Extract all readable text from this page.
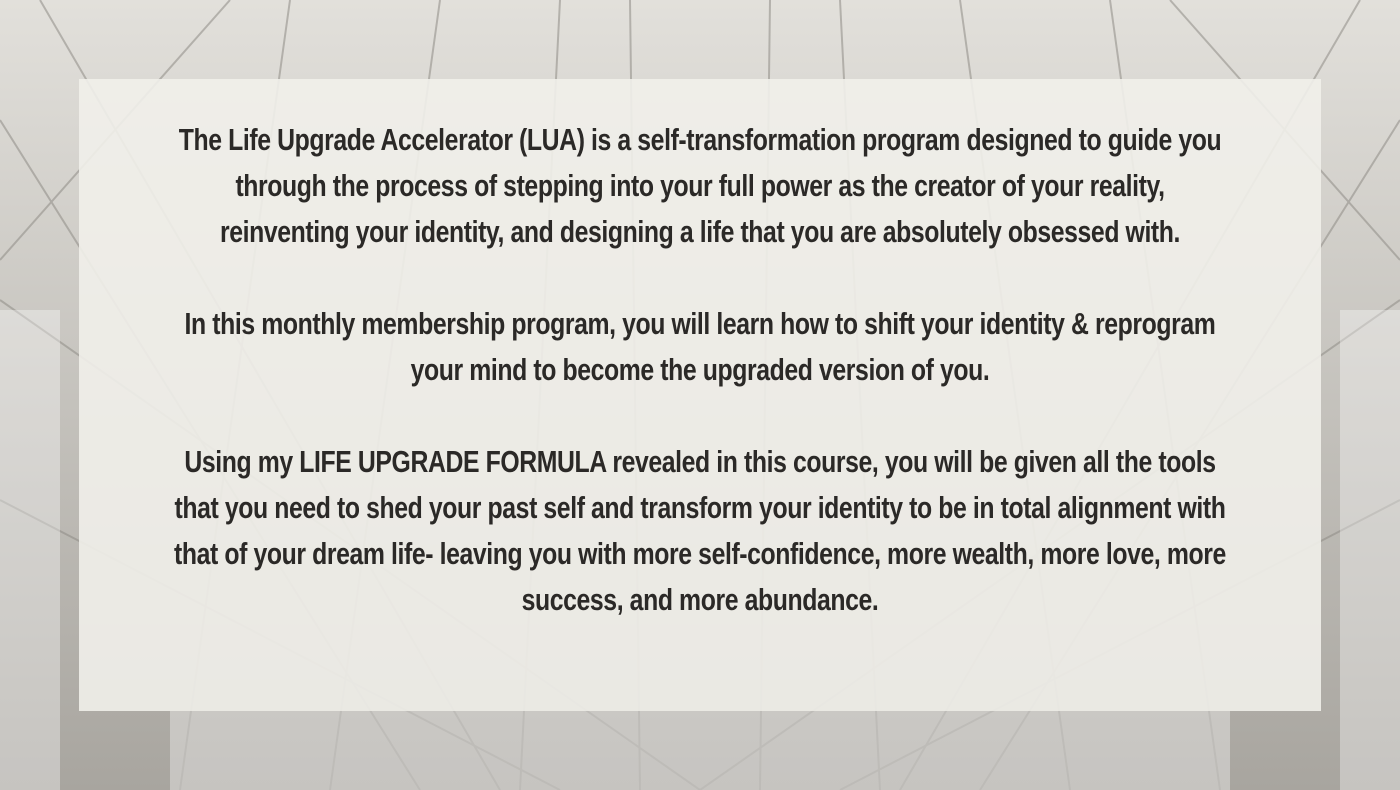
The Life Upgrade Accelerator (LUA) is a self-transformation program designed to guide you through the process of stepping into your full power as the creator of your reality, reinventing your identity, and designing a life that you are absolutely obsessed with.

In this monthly membership program, you will learn how to shift your identity & reprogram your mind to become the upgraded version of you.

Using my LIFE UPGRADE FORMULA revealed in this course, you will be given all the tools that you need to shed your past self and transform your identity to be in total alignment with that of your dream life- leaving you with more self-confidence, more wealth, more love, more success, and more abundance.
